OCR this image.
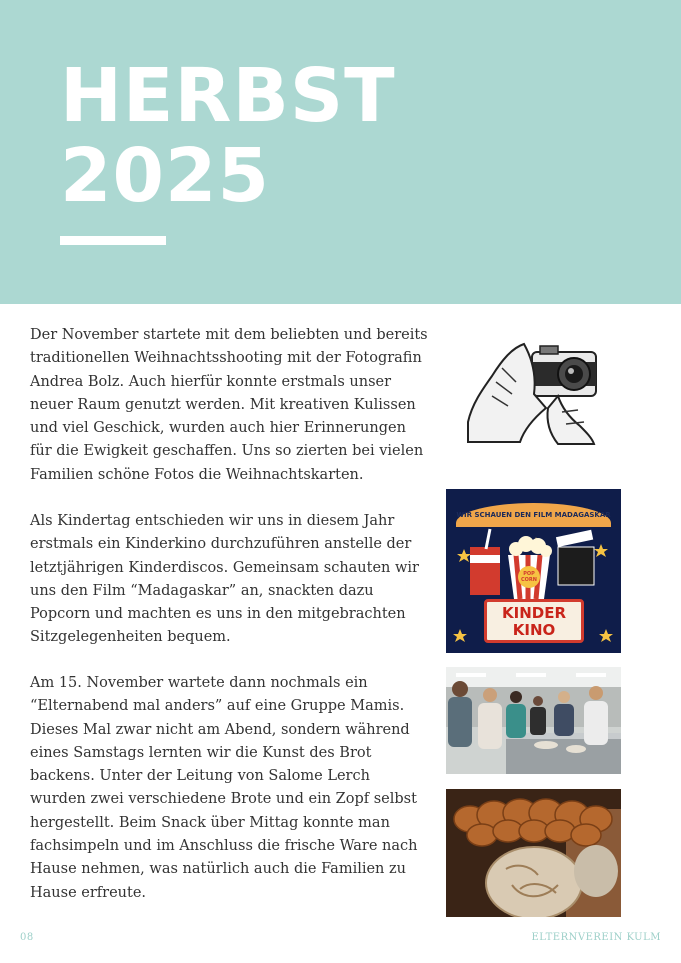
HERBST
2025

Der November startete mit dem beliebten und bereits traditionellen Weihnachtsshooting mit der Fotografin Andrea Bolz. Auch hierfür konnte erstmals unser neuer Raum genutzt werden. Mit kreativen Kulissen und viel Geschick, wurden auch hier Erinnerungen für die Ewigkeit geschaffen. Uns so zierten bei vielen Familien schöne Fotos die Weihnachtskarten.

Als Kindertag entschieden wir uns in diesem Jahr erstmals ein Kinderkino durchzuführen anstelle der letztjährigen Kinderdiscos. Gemeinsam schauten wir uns den Film “Madagaskar” an, snackten dazu Popcorn und machten es uns in den mitgebrachten Sitzgelegenheiten bequem.

Am 15. November wartete dann nochmals ein “Elternabend mal anders” auf eine Gruppe Mamis. Dieses Mal zwar nicht am Abend, sondern während eines Samstags lernten wir die Kunst des Brot backens. Unter der Leitung von Salome Lerch wurden zwei verschiedene Brote und ein Zopf selbst hergestellt. Beim Snack über Mittag konnte man fachsimpeln und im Anschluss die frische Ware nach Hause nehmen, was natürlich auch die Familien zu Hause erfreute.

WIR SCHAUEN DEN FILM MADAGASKAR
POP CORN
KINDER
KINO
08	ELTERNVEREIN KULM
